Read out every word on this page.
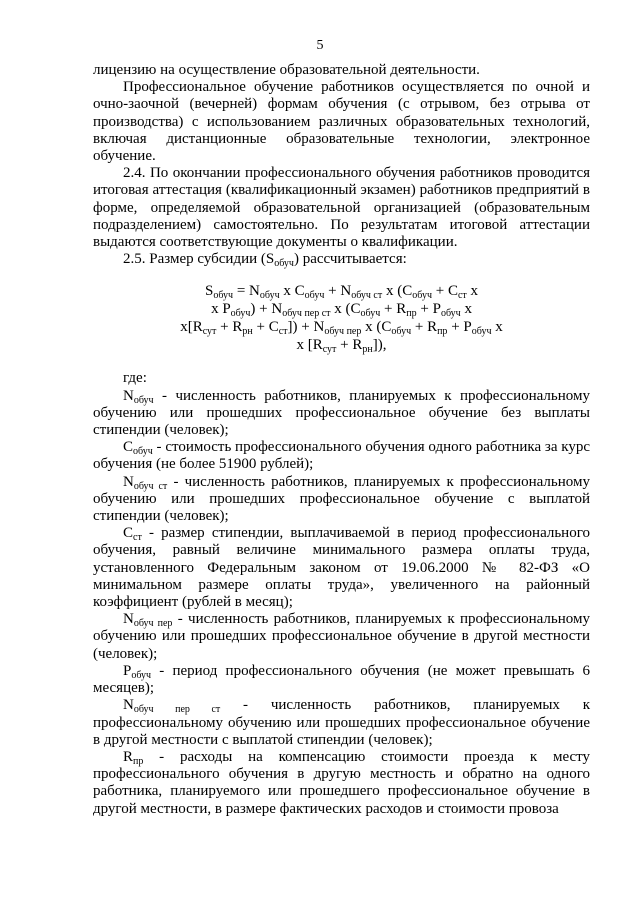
5

лицензию на осуществление образовательной деятельности.

Профессиональное обучение работников осуществляется по очной и очно-заочной (вечерней) формам обучения (с отрывом, без отрыва от производства) с использованием различных образовательных технологий, включая дистанционные образовательные технологии, электронное обучение.

2.4. По окончании профессионального обучения работников проводится итоговая аттестация (квалификационный экзамен) работников предприятий в форме, определяемой образовательной организацией (образовательным подразделением) самостоятельно. По результатам итоговой аттестации выдаются соответствующие документы о квалификации.

2.5. Размер субсидии $(S_{обуч})$ рассчитывается:

$S_{обуч} = N_{обуч}$ х $С_{обуч} + N_{обуч ст}$ х ($С_{обуч} + С_{ст}$ х
х $Р_{обуч}) + N_{обуч пер ст}$ х ($С_{обуч} + R_{пр} + Р_{обуч}$ х
$х[R_{сут} + R_{рн} + С_{ст}]) + N_{обуч пер}$ х ($С_{обуч} + R_{пр} + Р_{обуч}$ х
х $[R_{сут} + R_{рн}]$),

где:

$N_{обуч}$ - численность работников, планируемых к профессиональному обучению или прошедших профессиональное обучение без выплаты стипендии (человек);

$С_{обуч}$ - стоимость профессионального обучения одного работника за курс обучения (не более 51900 рублей);

$N_{обуч ст}$ - численность работников, планируемых к профессиональному обучению или прошедших профессиональное обучение с выплатой стипендии (человек);

$С_{ст}$ - размер стипендии, выплачиваемой в период профессионального обучения, равный величине минимального размера оплаты труда, установленного Федеральным законом от 19.06.2000 № 82-ФЗ «О минимальном размере оплаты труда», увеличенного на районный коэффициент (рублей в месяц);

$N_{обуч пер}$ - численность работников, планируемых к профессиональному обучению или прошедших профессиональное обучение в другой местности (человек);

$Р_{обуч}$ - период профессионального обучения (не может превышать 6 месяцев);

$N_{обуч пер ст}$ - численность работников, планируемых к профессиональному обучению или прошедших профессиональное обучение в другой местности с выплатой стипендии (человек);

$R_{пр}$ - расходы на компенсацию стоимости проезда к месту профессионального обучения в другую местность и обратно на одного работника, планируемого или прошедшего профессиональное обучение в другой местности, в размере фактических расходов и стоимости провоза
